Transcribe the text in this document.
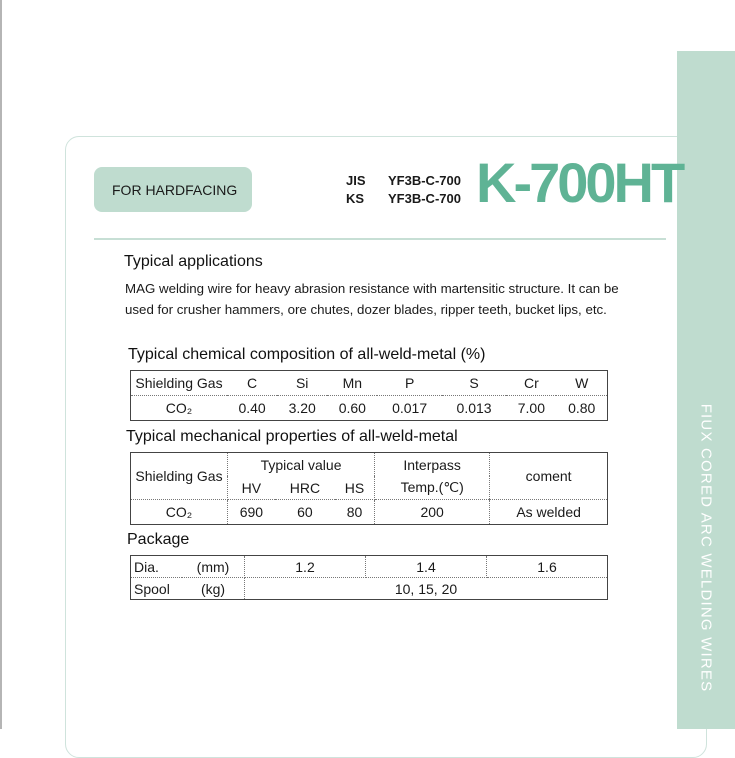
FIUX CORED ARC WELDING WIRES
FOR HARDFACING
JIS YF3B-C-700
KS YF3B-C-700 K-700HT
Typical applications
MAG welding wire for heavy abrasion resistance with martensitic structure. It can be used for crusher hammers, ore chutes, dozer blades, ripper teeth, bucket lips, etc.
Typical chemical composition of all-weld-metal (%)
Shielding Gas	C	Si	Mn	P	S	Cr	W
CO₂	0.40	3.20	0.60	0.017	0.013	7.00	0.80
Typical mechanical properties of all-weld-metal
Shielding Gas	Typical value			Interpass	coment
	HV	HRC	HS	Temp.(℃)	
CO₂	690	60	80	200	As welded
Package
Dia.	(mm)	1.2	1.4	1.6
Spool	(kg)	10, 15, 20		
